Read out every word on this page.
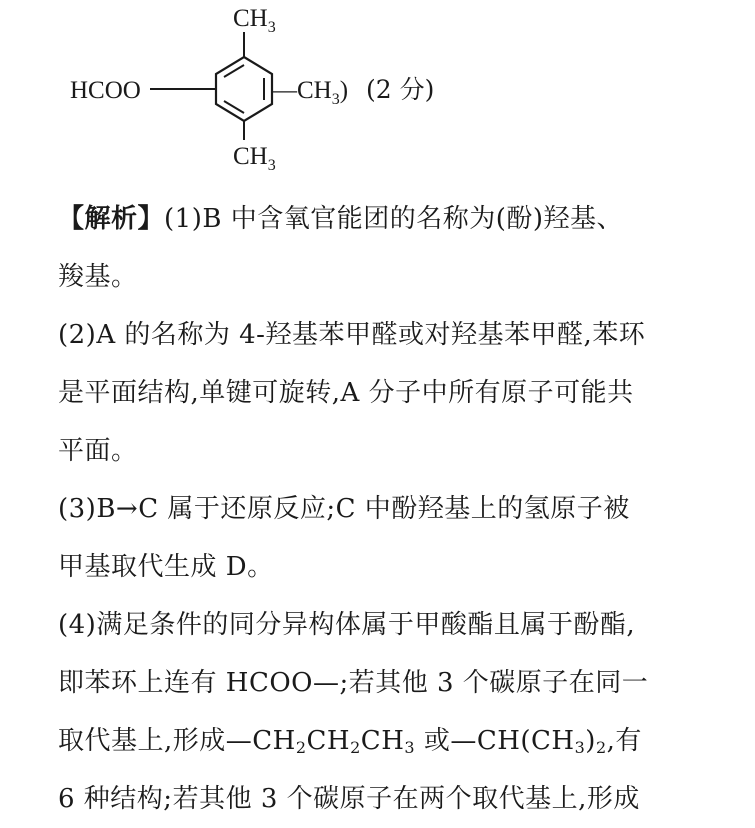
$CH_3$
HCOO	$—CH_3$) (2 分)
$CH_3$

【解析】(1)B 中含氧官能团的名称为(酚)羟基、

羧基。

(2)A 的名称为 4-羟基苯甲醛或对羟基苯甲醛,苯环

是平面结构,单键可旋转,A 分子中所有原子可能共

平面。

(3)B→C 属于还原反应;C 中酚羟基上的氢原子被

甲基取代生成 D。

(4)满足条件的同分异构体属于甲酸酯且属于酚酯,

即苯环上连有 HCOO—;若其他 3 个碳原子在同一

取代基上,形成$—CH_2CH_2CH_3$ 或$—CH(CH_3)_2$,有

6 种结构;若其他 3 个碳原子在两个取代基上,形成
